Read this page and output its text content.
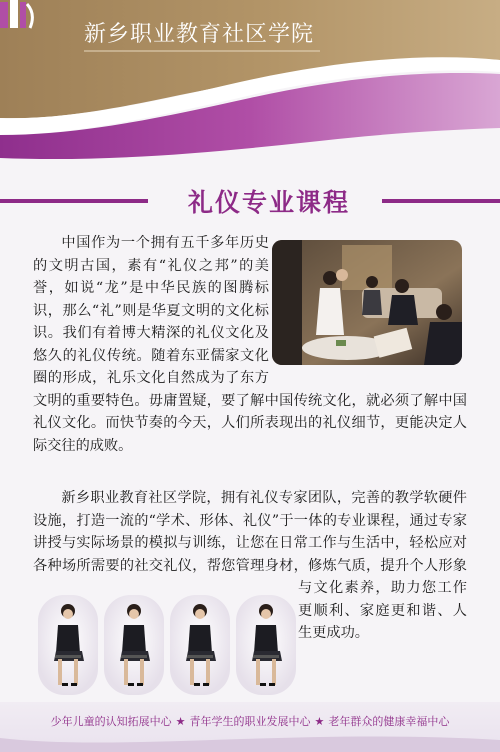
新乡职业教育社区学院
礼仪专业课程
中国作为一个拥有五千多年历史的文明古国，素有“礼仪之邦”的美誉，如说“龙”是中华民族的图腾标识，那么“礼”则是华夏文明的文化标识。我们有着博大精深的礼仪文化及悠久的礼仪传统。随着东亚儒家文化圈的形成，礼乐文化自然成为了东方文明的重要特色。毋庸置疑，要了解中国传统文化，就必须了解中国礼仪文化。而快节奏的今天，人们所表现出的礼仪细节，更能决定人际交往的成败。
新乡职业教育社区学院，拥有礼仪专家团队，完善的教学软硬件设施，打造一流的“学术、形体、礼仪”于一体的专业课程，通过专家讲授与实际场景的模拟与训练，让您在日常工作与生活中，轻松应对各种场所需要的社交礼仪，帮您管理身材，修炼气质，提升个人形象与文化素养，助力您工作更顺利、家庭更和谐、人生更成功。
少年儿童的认知拓展中心 ★ 青年学生的职业发展中心 ★ 老年群众的健康幸福中心
